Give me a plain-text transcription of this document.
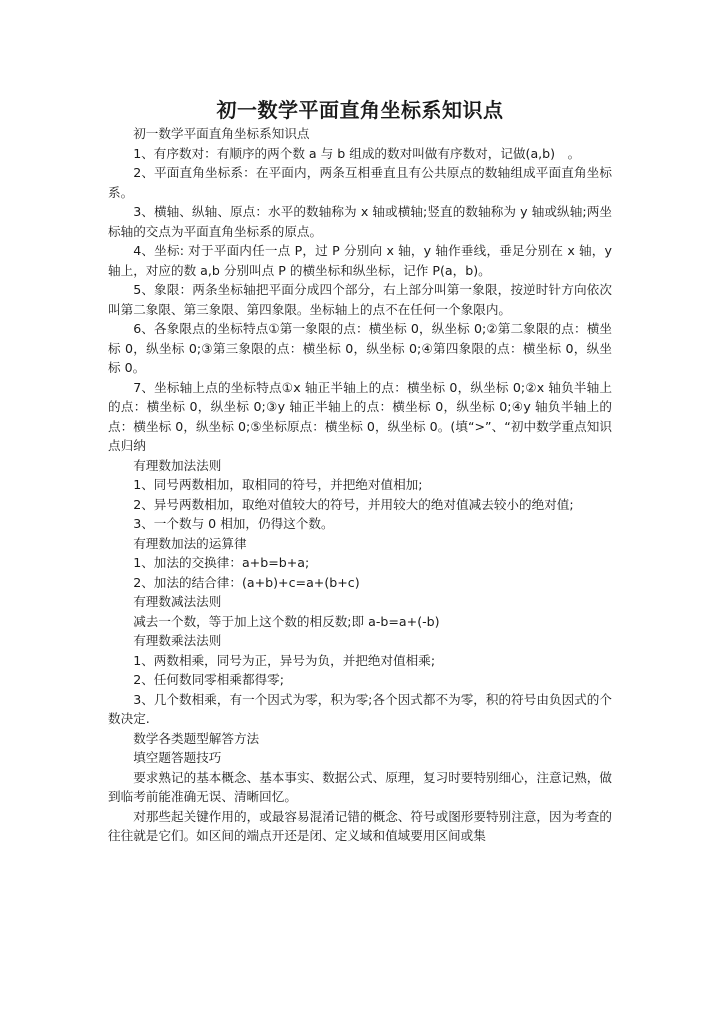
初一数学平面直角坐标系知识点

初一数学平面直角坐标系知识点

1、有序数对：有顺序的两个数 a 与 b 组成的数对叫做有序数对，记做(a,b)　。

2、平面直角坐标系：在平面内，两条互相垂直且有公共原点的数轴组成平面直角坐标系。

3、横轴、纵轴、原点：水平的数轴称为 x 轴或横轴;竖直的数轴称为 y 轴或纵轴;两坐标轴的交点为平面直角坐标系的原点。

4、坐标: 对于平面内任一点 P，过 P 分别向 x 轴，y 轴作垂线，垂足分别在 x 轴，y 轴上，对应的数 a,b 分别叫点 P 的横坐标和纵坐标，记作 P(a，b)。

5、象限：两条坐标轴把平面分成四个部分，右上部分叫第一象限，按逆时针方向依次叫第二象限、第三象限、第四象限。坐标轴上的点不在任何一个象限内。

6、各象限点的坐标特点①第一象限的点：横坐标 0，纵坐标 0;②第二象限的点：横坐标 0，纵坐标 0;③第三象限的点：横坐标 0，纵坐标 0;④第四象限的点：横坐标 0，纵坐标 0。

7、坐标轴上点的坐标特点①x 轴正半轴上的点：横坐标 0，纵坐标 0;②x 轴负半轴上的点：横坐标 0，纵坐标 0;③y 轴正半轴上的点：横坐标 0，纵坐标 0;④y 轴负半轴上的点：横坐标 0，纵坐标 0;⑤坐标原点：横坐标 0，纵坐标 0。(填“>”、“初中数学重点知识点归纳

有理数加法法则

1、同号两数相加，取相同的符号，并把绝对值相加;

2、异号两数相加，取绝对值较大的符号，并用较大的绝对值减去较小的绝对值;

3、一个数与 0 相加，仍得这个数。

有理数加法的运算律

1、加法的交换律：a+b=b+a;

2、加法的结合律：(a+b)+c=a+(b+c)

有理数减法法则

减去一个数，等于加上这个数的相反数;即 a-b=a+(-b)

有理数乘法法则

1、两数相乘，同号为正，异号为负，并把绝对值相乘;

2、任何数同零相乘都得零;

3、几个数相乘，有一个因式为零，积为零;各个因式都不为零，积的符号由负因式的个数决定.

数学各类题型解答方法

填空题答题技巧

要求熟记的基本概念、基本事实、数据公式、原理，复习时要特别细心，注意记熟，做到临考前能准确无误、清晰回忆。

对那些起关键作用的，或最容易混淆记错的概念、符号或图形要特别注意，因为考查的往往就是它们。如区间的端点开还是闭、定义域和值域要用区间或集
